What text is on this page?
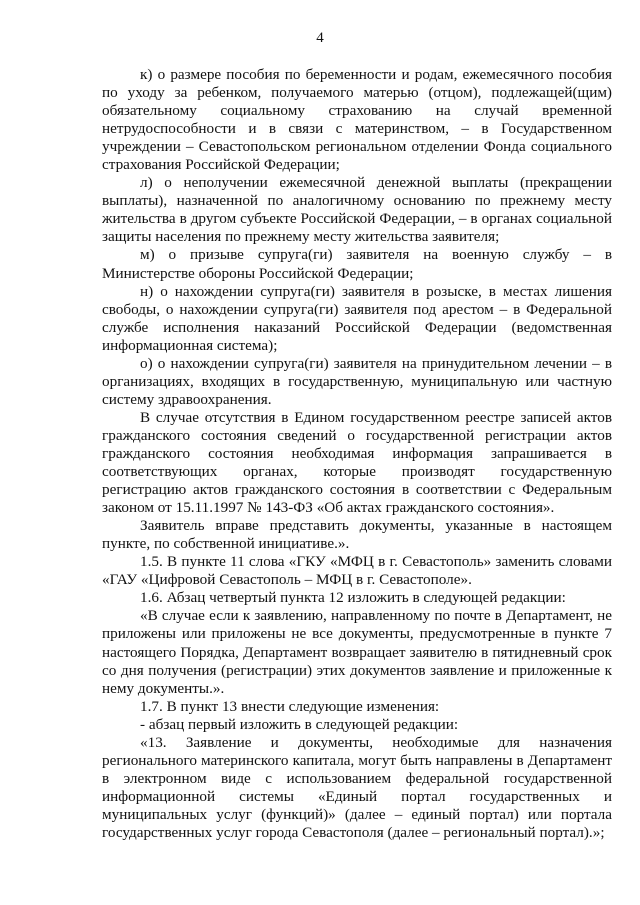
4

к) о размере пособия по беременности и родам, ежемесячного пособия по уходу за ребенком, получаемого матерью (отцом), подлежащей(щим) обязательному социальному страхованию на случай временной нетрудоспособности и в связи с материнством, – в Государственном учреждении – Севастопольском региональном отделении Фонда социального страхования Российской Федерации;

л) о неполучении ежемесячной денежной выплаты (прекращении выплаты), назначенной по аналогичному основанию по прежнему месту жительства в другом субъекте Российской Федерации, – в органах социальной защиты населения по прежнему месту жительства заявителя;

м) о призыве супруга(ги) заявителя на военную службу – в Министерстве обороны Российской Федерации;

н) о нахождении супруга(ги) заявителя в розыске, в местах лишения свободы, о нахождении супруга(ги) заявителя под арестом – в Федеральной службе исполнения наказаний Российской Федерации (ведомственная информационная система);

о) о нахождении супруга(ги) заявителя на принудительном лечении – в организациях, входящих в государственную, муниципальную или частную систему здравоохранения.

В случае отсутствия в Едином государственном реестре записей актов гражданского состояния сведений о государственной регистрации актов гражданского состояния необходимая информация запрашивается в соответствующих органах, которые производят государственную регистрацию актов гражданского состояния в соответствии с Федеральным законом от 15.11.1997 № 143-ФЗ «Об актах гражданского состояния».

Заявитель вправе представить документы, указанные в настоящем пункте, по собственной инициативе.».

1.5. В пункте 11 слова «ГКУ «МФЦ в г. Севастополь» заменить словами «ГАУ «Цифровой Севастополь – МФЦ в г. Севастополе».

1.6. Абзац четвертый пункта 12 изложить в следующей редакции:

«В случае если к заявлению, направленному по почте в Департамент, не приложены или приложены не все документы, предусмотренные в пункте 7 настоящего Порядка, Департамент возвращает заявителю в пятидневный срок со дня получения (регистрации) этих документов заявление и приложенные к нему документы.».

1.7. В пункт 13 внести следующие изменения:

- абзац первый изложить в следующей редакции:

«13. Заявление и документы, необходимые для назначения регионального материнского капитала, могут быть направлены в Департамент в электронном виде с использованием федеральной государственной информационной системы «Единый портал государственных и муниципальных услуг (функций)» (далее – единый портал) или портала государственных услуг города Севастополя (далее – региональный портал).»;
